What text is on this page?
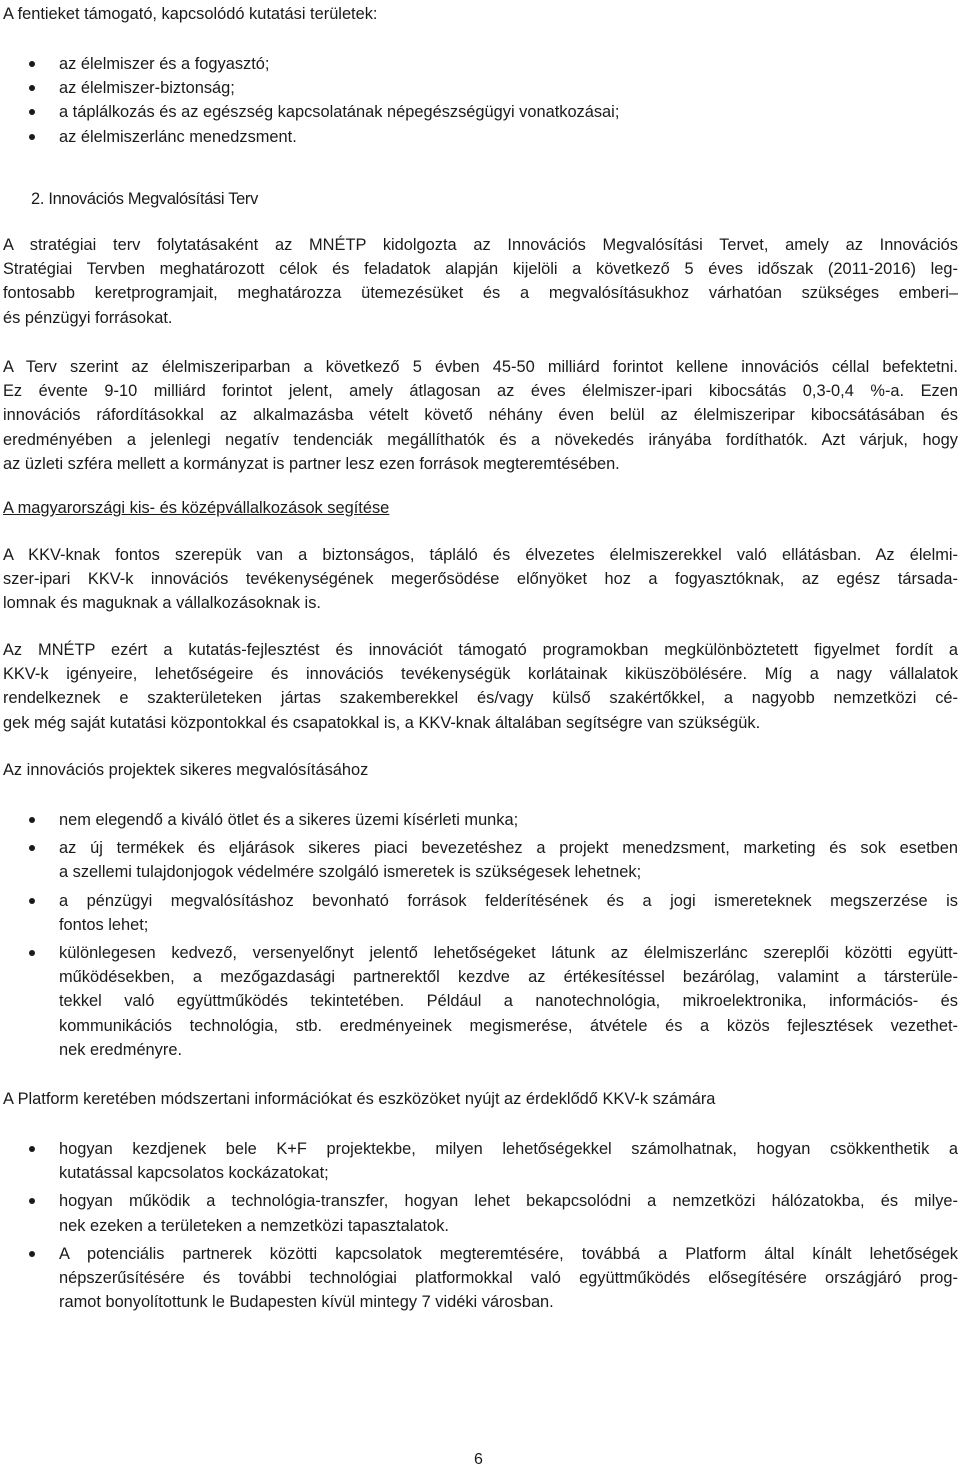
A fentieket támogató, kapcsolódó kutatási területek:
az élelmiszer és a fogyasztó;
az élelmiszer-biztonság;
a táplálkozás és az egészség kapcsolatának népegészségügyi vonatkozásai;
az élelmiszerlánc menedzsment.
2. Innovációs Megvalósítási Terv
A stratégiai terv folytatásaként az MNÉTP kidolgozta az Innovációs Megvalósítási Tervet, amely az Innovációs
Stratégiai Tervben meghatározott célok és feladatok alapján kijelöli a következő 5 éves időszak (2011-2016) leg-
fontosabb keretprogramjait, meghatározza ütemezésüket és a megvalósításukhoz várhatóan szükséges emberi–
és pénzügyi forrásokat.
A Terv szerint az élelmiszeriparban a következő 5 évben 45-50 milliárd forintot kellene innovációs céllal befektetni.
Ez évente 9-10 milliárd forintot jelent, amely átlagosan az éves élelmiszer-ipari kibocsátás 0,3-0,4 %-a. Ezen
innovációs ráfordításokkal az alkalmazásba vételt követő néhány éven belül az élelmiszeripar kibocsátásában és
eredményében a jelenlegi negatív tendenciák megállíthatók és a növekedés irányába fordíthatók. Azt várjuk, hogy
az üzleti szféra mellett a kormányzat is partner lesz ezen források megteremtésében.
A magyarországi kis- és középvállalkozások segítése
A KKV-knak fontos szerepük van a biztonságos, tápláló és élvezetes élelmiszerekkel való ellátásban. Az élelmi-
szer-ipari KKV-k innovációs tevékenységének megerősödése előnyöket hoz a fogyasztóknak, az egész társada-
lomnak és maguknak a vállalkozásoknak is.
Az MNÉTP ezért a kutatás-fejlesztést és innovációt támogató programokban megkülönböztetett figyelmet fordít a
KKV-k igényeire, lehetőségeire és innovációs tevékenységük korlátainak kiküszöbölésére. Míg a nagy vállalatok
rendelkeznek e szakterületeken jártas szakemberekkel és/vagy külső szakértőkkel, a nagyobb nemzetközi cé-
gek még saját kutatási központokkal és csapatokkal is, a KKV-knak általában segítségre van szükségük.
Az innovációs projektek sikeres megvalósításához
nem elegendő a kiváló ötlet és a sikeres üzemi kísérleti munka;
az új termékek és eljárások sikeres piaci bevezetéshez a projekt menedzsment, marketing és sok esetben
a szellemi tulajdonjogok védelmére szolgáló ismeretek is szükségesek lehetnek;
a pénzügyi megvalósításhoz bevonható források felderítésének és a jogi ismereteknek megszerzése is
fontos lehet;
különlegesen kedvező, versenyelőnyt jelentő lehetőségeket látunk az élelmiszerlánc szereplői közötti együtt-
működésekben, a mezőgazdasági partnerektől kezdve az értékesítéssel bezárólag, valamint a társterüle-
tekkel való együttműködés tekintetében. Például a nanotechnológia, mikroelektronika, információs- és
kommunikációs technológia, stb. eredményeinek megismerése, átvétele és a közös fejlesztések vezethet-
nek eredményre.
A Platform keretében módszertani információkat és eszközöket nyújt az érdeklődő KKV-k számára
hogyan kezdjenek bele K+F projektekbe, milyen lehetőségekkel számolhatnak, hogyan csökkenthetik a
kutatással kapcsolatos kockázatokat;
hogyan működik a technológia-transzfer, hogyan lehet bekapcsolódni a nemzetközi hálózatokba, és milye-
nek ezeken a területeken a nemzetközi tapasztalatok.
A potenciális partnerek közötti kapcsolatok megteremtésére, továbbá a Platform által kínált lehetőségek
népszerűsítésére és további technológiai platformokkal való együttműködés elősegítésére országjáró prog-
ramot bonyolítottunk le Budapesten kívül mintegy 7 vidéki városban.
6
